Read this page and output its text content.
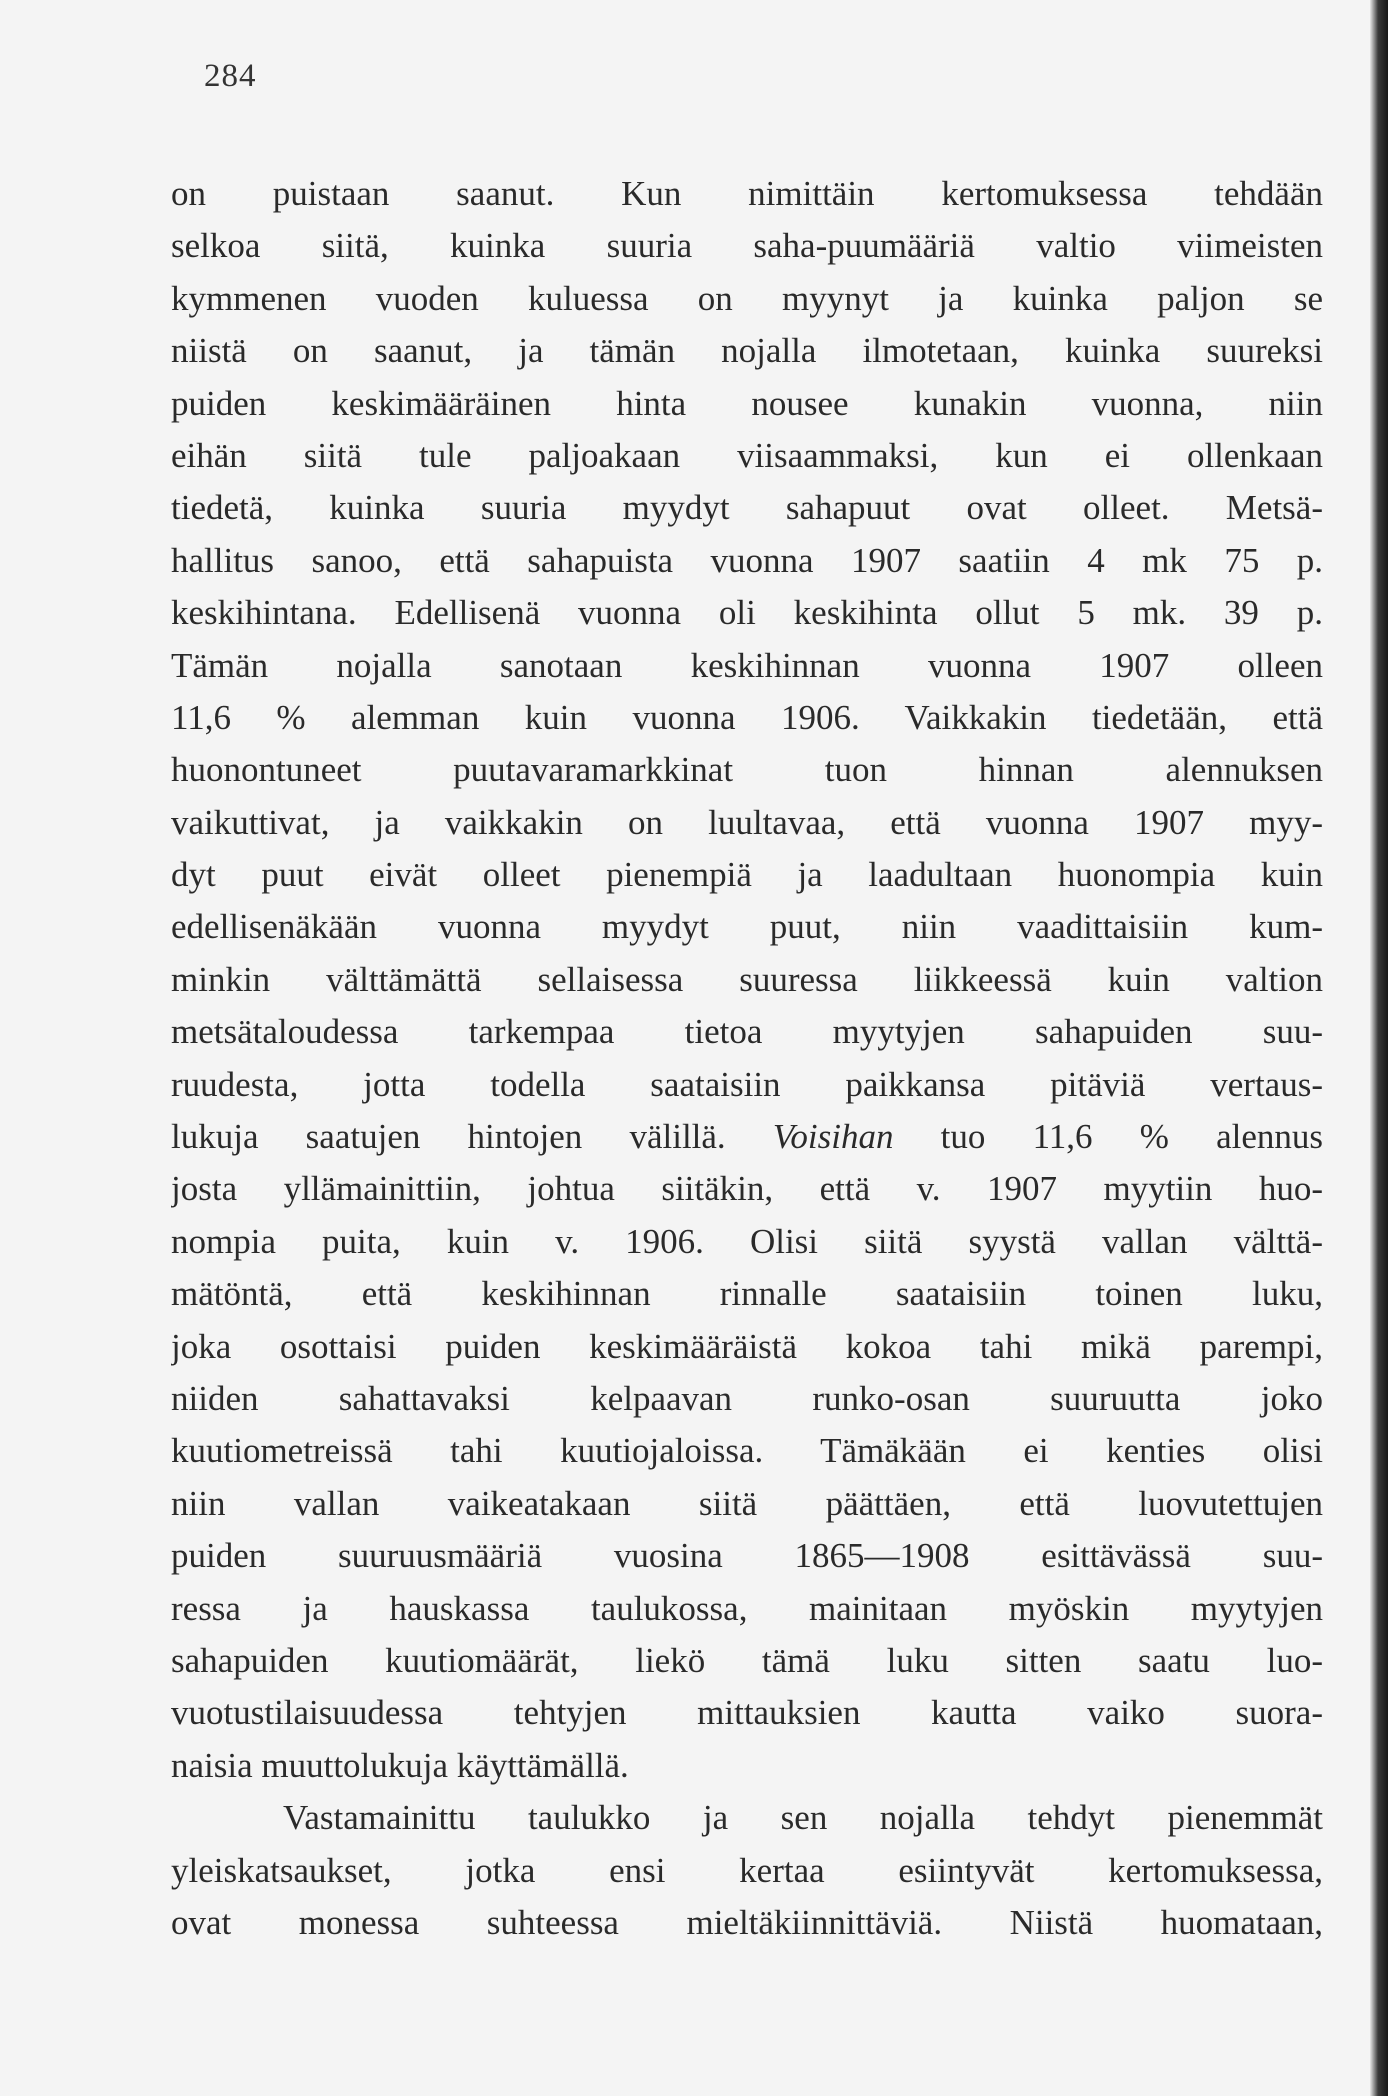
284
on puistaan saanut. Kun nimittäin kertomuksessa tehdään
selkoa siitä, kuinka suuria saha-puumääriä valtio viimeisten
kymmenen vuoden kuluessa on myynyt ja kuinka paljon se
niistä on saanut, ja tämän nojalla ilmotetaan, kuinka suureksi
puiden keskimääräinen hinta nousee kunakin vuonna, niin
eihän siitä tule paljoakaan viisaammaksi, kun ei ollenkaan
tiedetä, kuinka suuria myydyt sahapuut ovat olleet. Metsä-
hallitus sanoo, että sahapuista vuonna 1907 saatiin 4 mk 75 p.
keskihintana. Edellisenä vuonna oli keskihinta ollut 5 mk. 39 p.
Tämän nojalla sanotaan keskihinnan vuonna 1907 olleen
11,6 % alemman kuin vuonna 1906. Vaikkakin tiedetään, että
huonontuneet puutavaramarkkinat tuon hinnan alennuksen
vaikuttivat, ja vaikkakin on luultavaa, että vuonna 1907 myy-
dyt puut eivät olleet pienempiä ja laadultaan huonompia kuin
edellisenäkään vuonna myydyt puut, niin vaadittaisiin kum-
minkin välttämättä sellaisessa suuressa liikkeessä kuin valtion
metsätaloudessa tarkempaa tietoa myytyjen sahapuiden suu-
ruudesta, jotta todella saataisiin paikkansa pitäviä vertaus-
lukuja saatujen hintojen välillä. Voisihan tuo 11,6 % alennus
josta yllämainittiin, johtua siitäkin, että v. 1907 myytiin huo-
nompia puita, kuin v. 1906. Olisi siitä syystä vallan välttä-
mätöntä, että keskihinnan rinnalle saataisiin toinen luku,
joka osottaisi puiden keskimääräistä kokoa tahi mikä parempi,
niiden sahattavaksi kelpaavan runko-osan suuruutta joko
kuutiometreissä tahi kuutiojaloissa. Tämäkään ei kenties olisi
niin vallan vaikeatakaan siitä päättäen, että luovutettujen
puiden suuruusmääriä vuosina 1865—1908 esittävässä suu-
ressa ja hauskassa taulukossa, mainitaan myöskin myytyjen
sahapuiden kuutiomäärät, liekö tämä luku sitten saatu luo-
vuotustilaisuudessa tehtyjen mittauksien kautta vaiko suora-
naisia muuttolukuja käyttämällä.
Vastamainittu taulukko ja sen nojalla tehdyt pienemmät
yleiskatsaukset, jotka ensi kertaa esiintyvät kertomuksessa,
ovat monessa suhteessa mieltäkiinnittäviä. Niistä huomataan,
